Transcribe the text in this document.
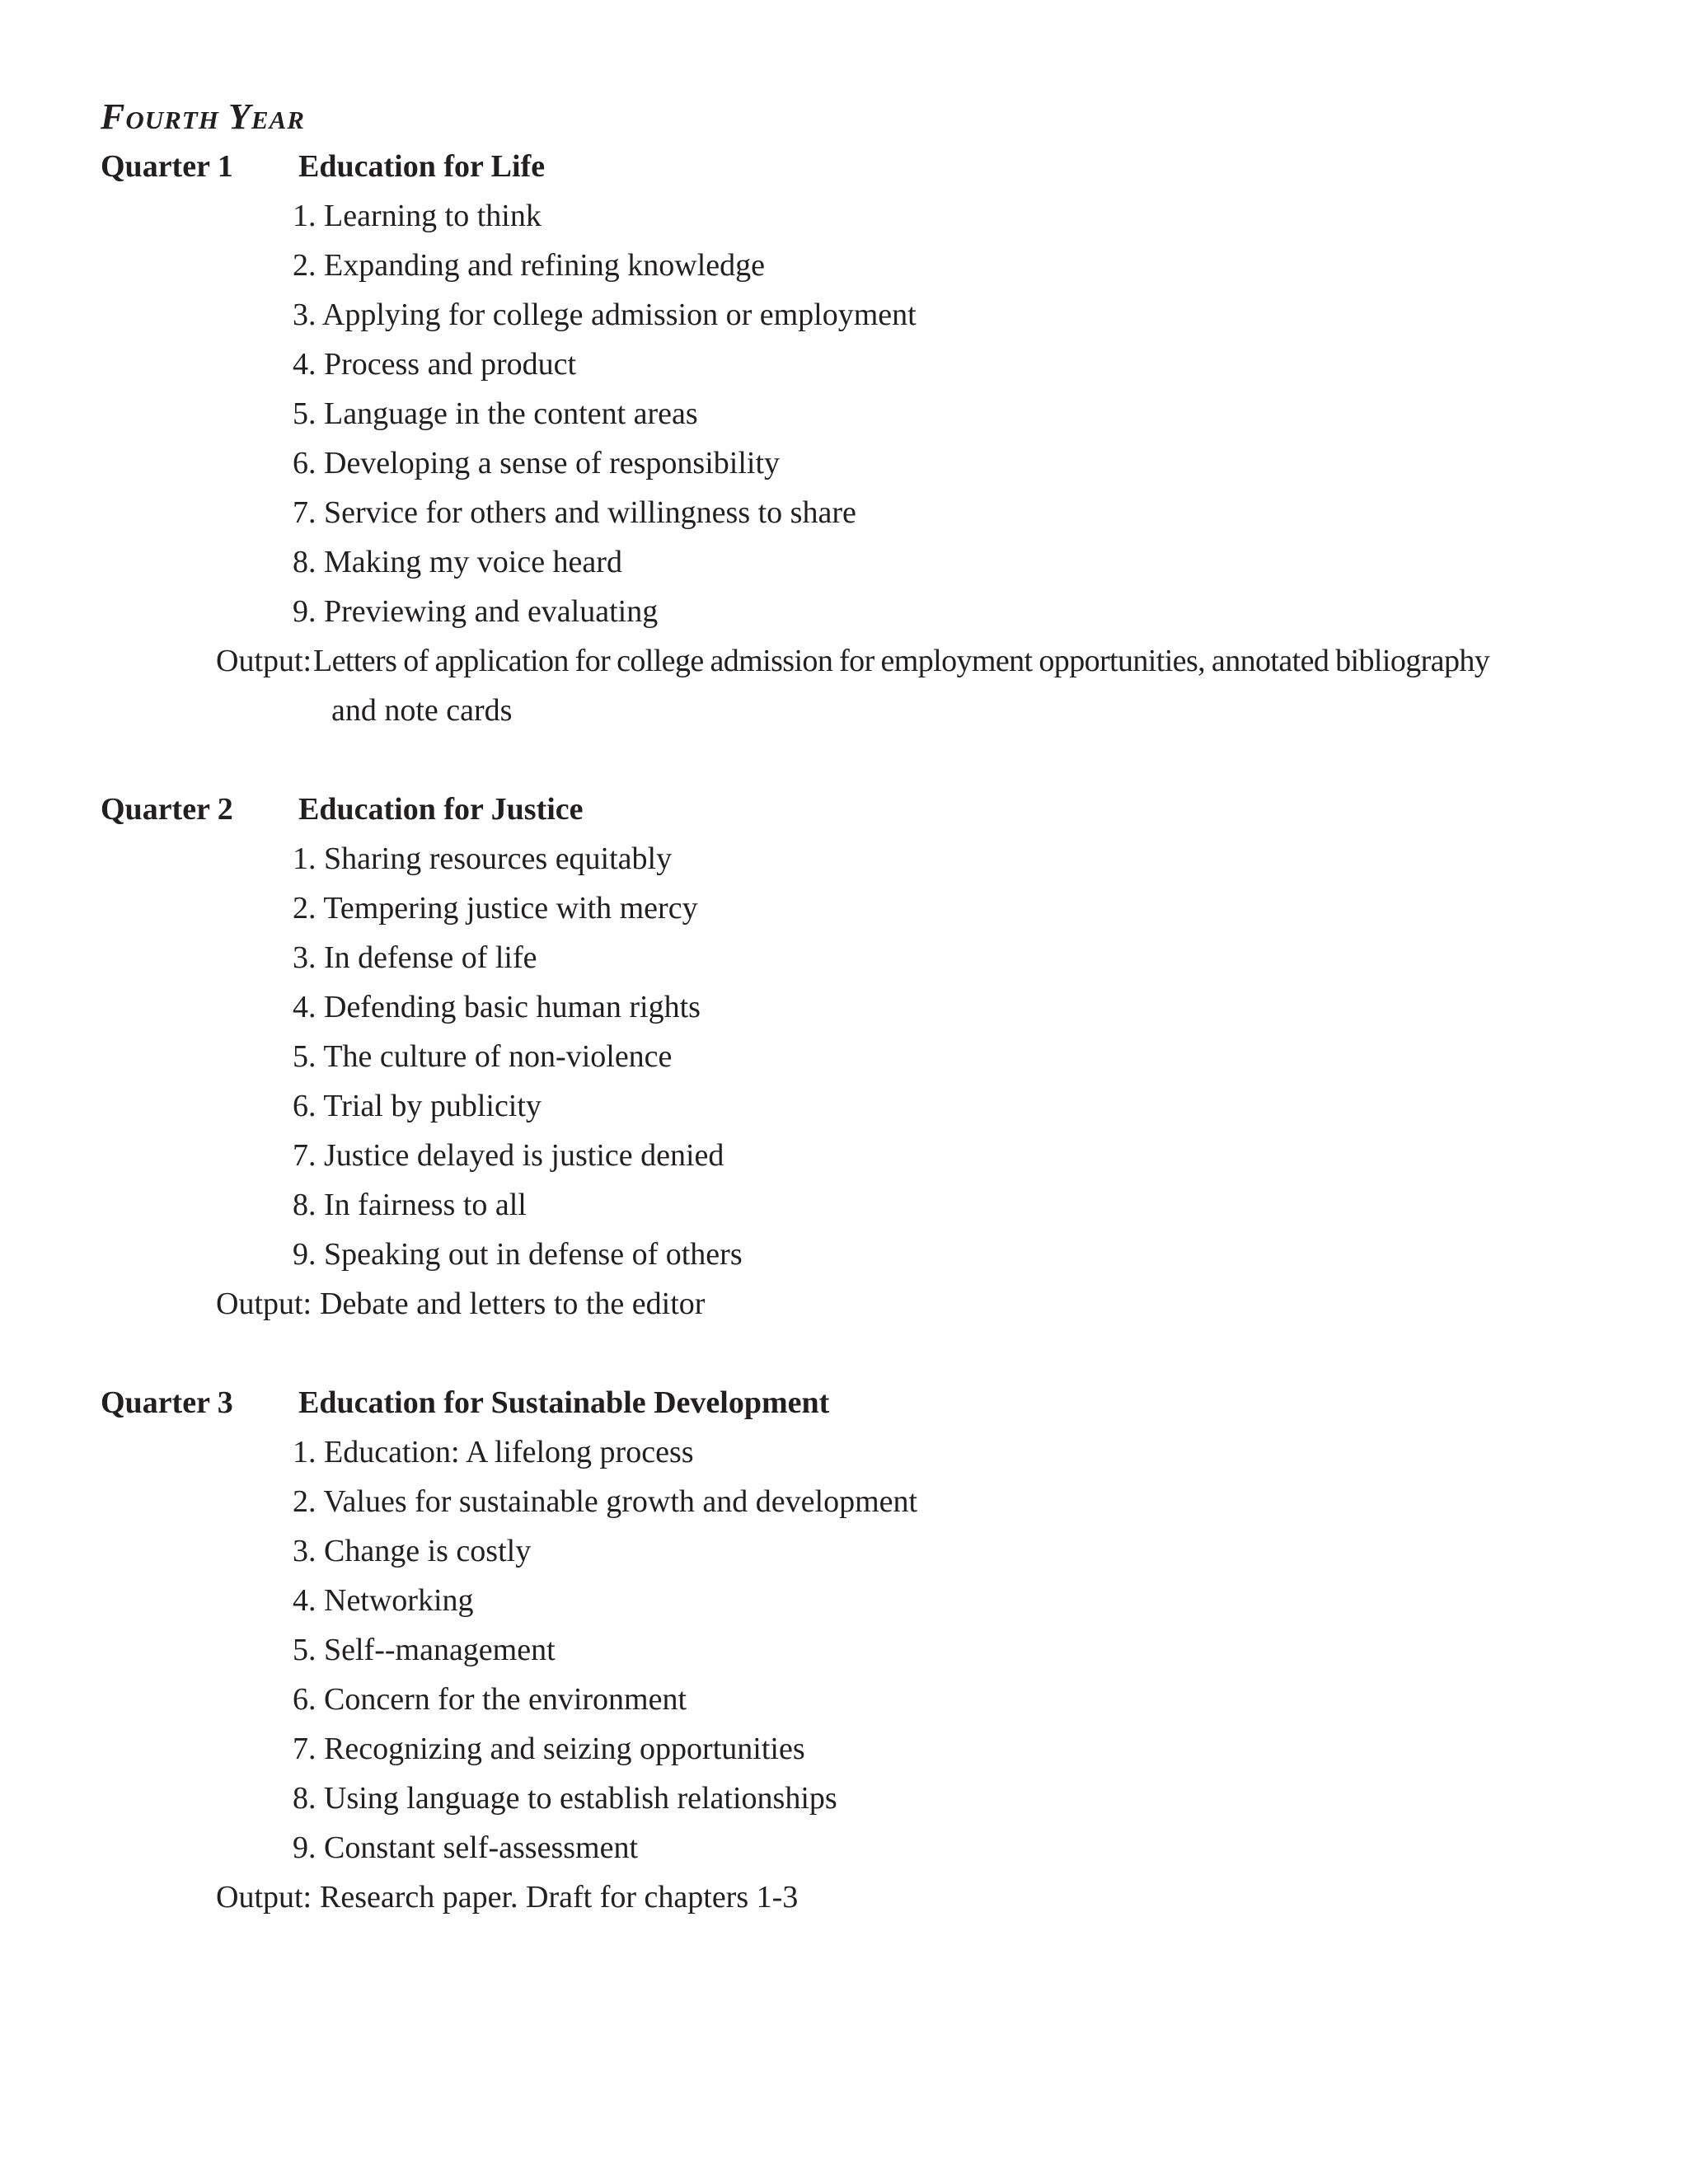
Fourth Year
Quarter 1 Education for Life
1. Learning to think
2. Expanding and refining knowledge
3. Applying for college admission or employment
4. Process and product
5. Language in the content areas
6. Developing a sense of responsibility
7. Service for others and willingness to share
8. Making my voice heard
9. Previewing and evaluating
Output: Letters of application for college admission for employment opportunities, annotated bibliography
and note cards
Quarter 2 Education for Justice
1. Sharing resources equitably
2. Tempering justice with mercy
3. In defense of life
4. Defending basic human rights
5. The culture of non-violence
6. Trial by publicity
7. Justice delayed is justice denied
8. In fairness to all
9. Speaking out in defense of others
Output: Debate and letters to the editor
Quarter 3 Education for Sustainable Development
1. Education: A lifelong process
2. Values for sustainable growth and development
3. Change is costly
4. Networking
5. Self--management
6. Concern for the environment
7. Recognizing and seizing opportunities
8. Using language to establish relationships
9. Constant self-assessment
Output: Research paper. Draft for chapters 1-3
